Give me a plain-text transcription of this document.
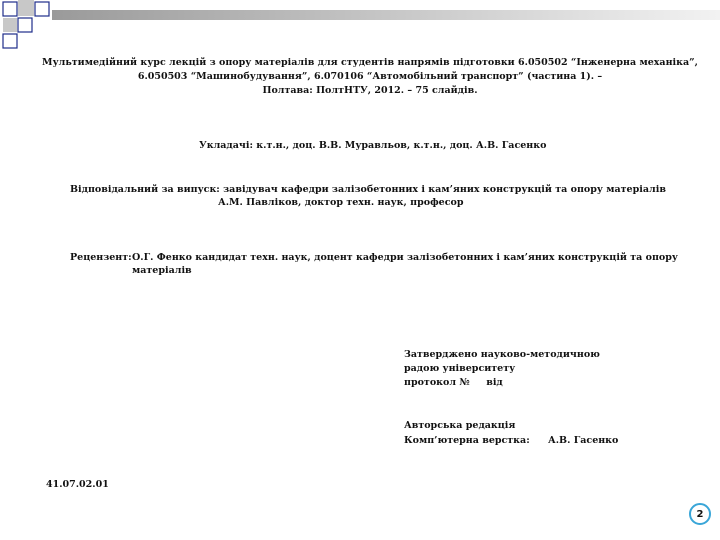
Мультимедійний курс лекцій з опору матеріалів для студентів напрямів підготовки 6.050502 “Інженерна механіка”,
6.050503 “Машинобудування”, 6.070106 “Автомобільний транспорт” (частина 1). –
Полтава: ПолтНТУ, 2012. – 75 слайдів.
Укладачі: к.т.н., доц. В.В. Муравльов, к.т.н., доц. А.В. Гасенко
Відповідальний за випуск: завідувач кафедри залізобетонних і кам’яних конструкцій та опору матеріалів
А.М. Павліков, доктор техн. наук, професор
Рецензент: О.Г. Фенко кандидат техн. наук, доцент кафедри залізобетонних і кам’яних конструкцій та опору
матеріалів
Затверджено науково-методичною
радою університету
протокол №     від
Авторська редакція
Комп’ютерна верстка: А.В. Гасенко
41.07.02.01
2
